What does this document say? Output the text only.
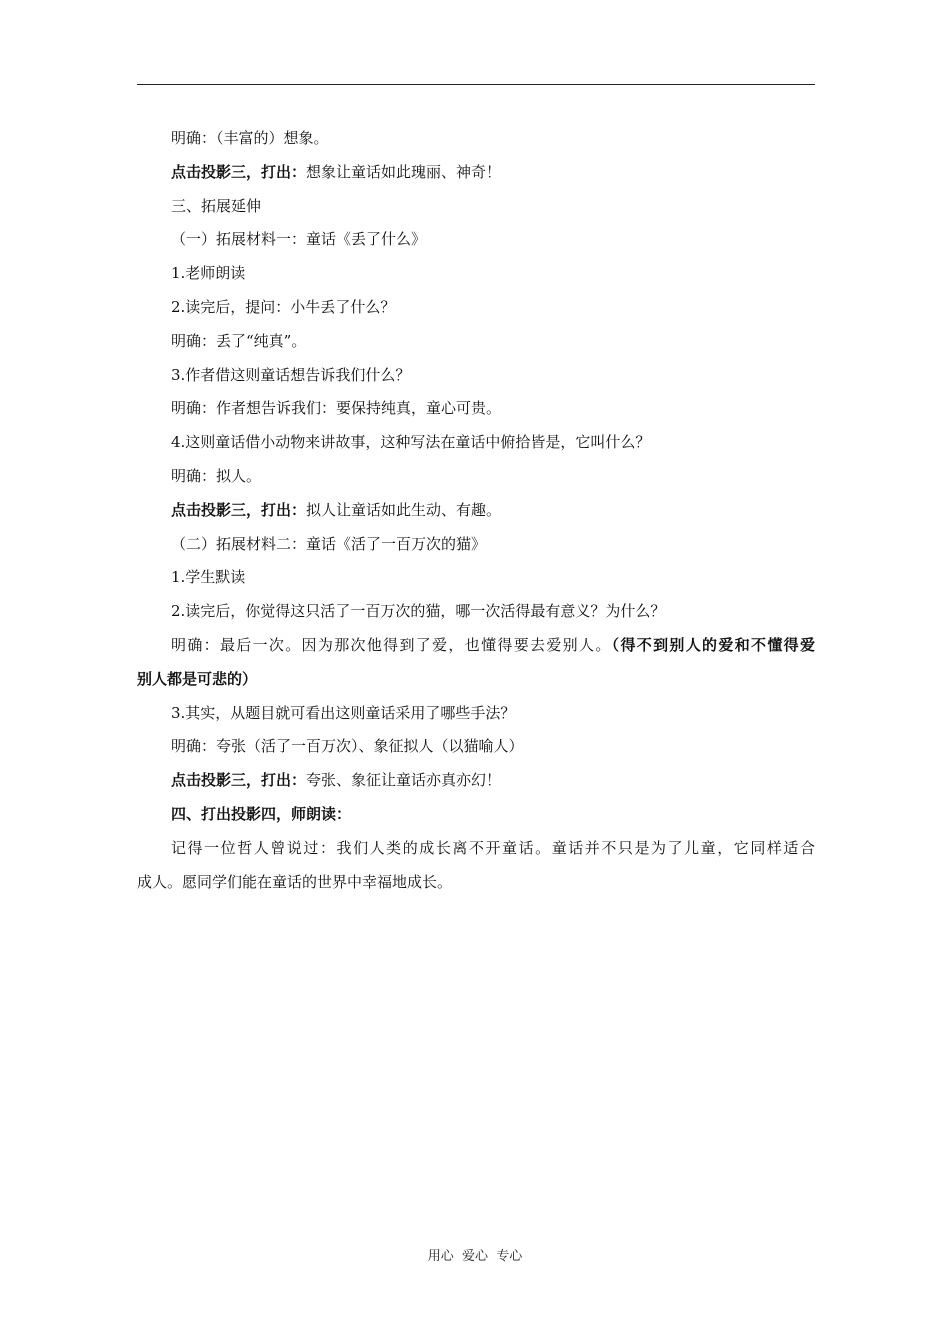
明确：（丰富的）想象。
点击投影三，打出：想象让童话如此瑰丽、神奇！
三、拓展延伸
（一）拓展材料一：童话《丢了什么》
1.老师朗读
2.读完后，提问：小牛丢了什么？
明确：丢了“纯真”。
3.作者借这则童话想告诉我们什么？
明确：作者想告诉我们：要保持纯真，童心可贵。
4.这则童话借小动物来讲故事，这种写法在童话中俯拾皆是，它叫什么？
明确：拟人。
点击投影三，打出：拟人让童话如此生动、有趣。
（二）拓展材料二：童话《活了一百万次的猫》
1.学生默读
2.读完后，你觉得这只活了一百万次的猫，哪一次活得最有意义？为什么？
明确：最后一次。因为那次他得到了爱，也懂得要去爱别人。（得不到别人的爱和不懂得爱
别人都是可悲的）
3.其实，从题目就可看出这则童话采用了哪些手法？
明确：夸张（活了一百万次）、象征拟人（以猫喻人）
点击投影三，打出：夸张、象征让童话亦真亦幻！
四、打出投影四，师朗读：
记得一位哲人曾说过：我们人类的成长离不开童话。童话并不只是为了儿童，它同样适合
成人。愿同学们能在童话的世界中幸福地成长。
用心  爱心  专心
